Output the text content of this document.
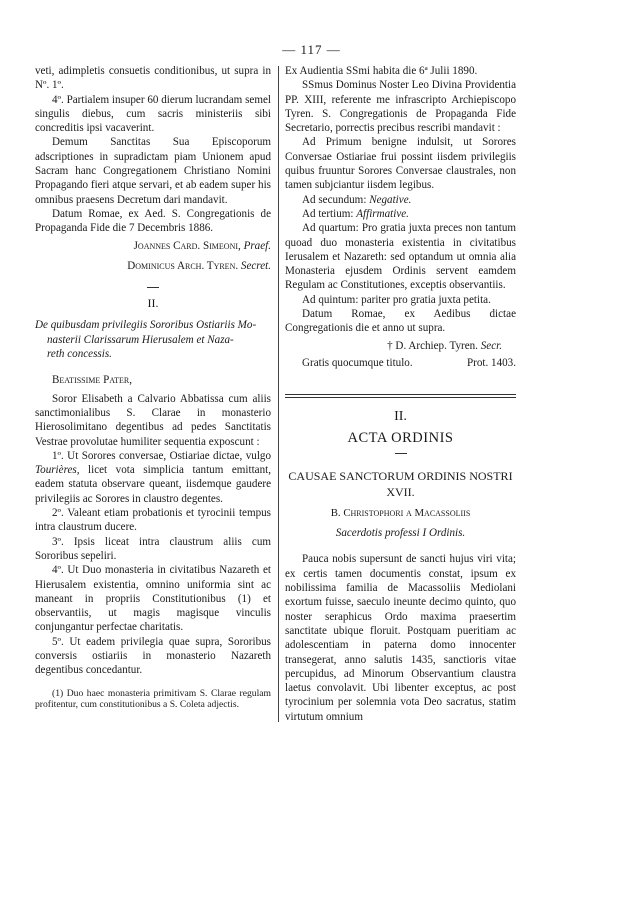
— 117 —

veti, adimpletis consuetis conditionibus, ut supra in Nº. 1º.

4º. Partialem insuper 60 dierum lucrandam semel singulis diebus, cum sacris ministeriis sibi concreditis ipsi vacaverint.

Demum Sanctitas Sua Episcoporum adscriptiones in supradictam piam Unionem apud Sacram hanc Congregationem Christiano Nomini Propagando fieri atque servari, et ab eadem super his omnibus praesens Decretum dari mandavit.

Datum Romae, ex Aed. S. Congregationis de Propaganda Fide die 7 Decembris 1886.

Joannes Card. Simeoni, Praef.

Dominicus Arch. Tyren. Secret.

II.

De quibusdam privilegiis Sororibus Ostiariis Mo-

nasterii Clarissarum Hierusalem et Naza-

reth concessis.

Beatissime Pater,

Soror Elisabeth a Calvario Abbatissa cum aliis sanctimonialibus S. Clarae in monasterio Hierosolimitano degentibus ad pedes Sanctitatis Vestrae provolutae humiliter sequentia exposcunt :

1º. Ut Sorores conversae, Ostiariae dictae, vulgo Tourières, licet vota simplicia tantum emittant, eadem statuta observare queant, iisdemque gaudere privilegiis ac Sorores in claustro degentes.

2º. Valeant etiam probationis et tyrocinii tempus intra claustrum ducere.

3º. Ipsis liceat intra claustrum aliis cum Sororibus sepeliri.

4º. Ut Duo monasteria in civitatibus Nazareth et Hierusalem existentia, omnino uniformia sint ac maneant in propriis Constitutionibus (1) et observantiis, ut magis magisque vinculis conjungantur perfectae charitatis.

5º. Ut eadem privilegia quae supra, Sororibus conversis ostiariis in monasterio Nazareth degentibus concedantur.

(1) Duo haec monasteria primitivam S. Clarae regulam profitentur, cum constitutionibus a S. Coleta adjectis.

Ex Audientia SSmi habita die 6ª Julii 1890.

SSmus Dominus Noster Leo Divina Providentia PP. XIII, referente me infrascripto Archiepiscopo Tyren. S. Congregationis de Propaganda Fide Secretario, porrectis precibus rescribi mandavit :

Ad Primum benigne indulsit, ut Sorores Conversae Ostiariae frui possint iisdem privilegiis quibus fruuntur Sorores Conversae claustrales, non tamen subjciantur iisdem legibus.

Ad secundum: Negative.

Ad tertium: Affirmative.

Ad quartum: Pro gratia juxta preces non tantum quoad duo monasteria existentia in civitatibus Ierusalem et Nazareth: sed optandum ut omnia alia Monasteria ejusdem Ordinis servent eamdem Regulam ac Constitutiones, exceptis observantiis.

Ad quintum: pariter pro gratia juxta petita.

Datum Romae, ex Aedibus dictae Congregationis die et anno ut supra.

† D. Archiep. Tyren. Secr.

Gratis quocumque titulo.	Prot. 1403.

II.

ACTA ORDINIS

CAUSAE SANCTORUM ORDINIS NOSTRI

XVII.

B. Christophori a Macassoliis

Sacerdotis professi I Ordinis.

Pauca nobis supersunt de sancti hujus viri vita; ex certis tamen documentis constat, ipsum ex nobilissima familia de Macassoliis Mediolani exortum fuisse, saeculo ineunte decimo quinto, quo noster seraphicus Ordo maxima praesertim sanctitate ubique floruit. Postquam pueritiam ac adolescentiam in paterna domo innocenter transegerat, anno salutis 1435, sanctioris vitae percupidus, ad Minorum Observantium claustra laetus convolavit. Ubi libenter exceptus, ac post tyrocinium per solemnia vota Deo sacratus, statim virtutum omnium
